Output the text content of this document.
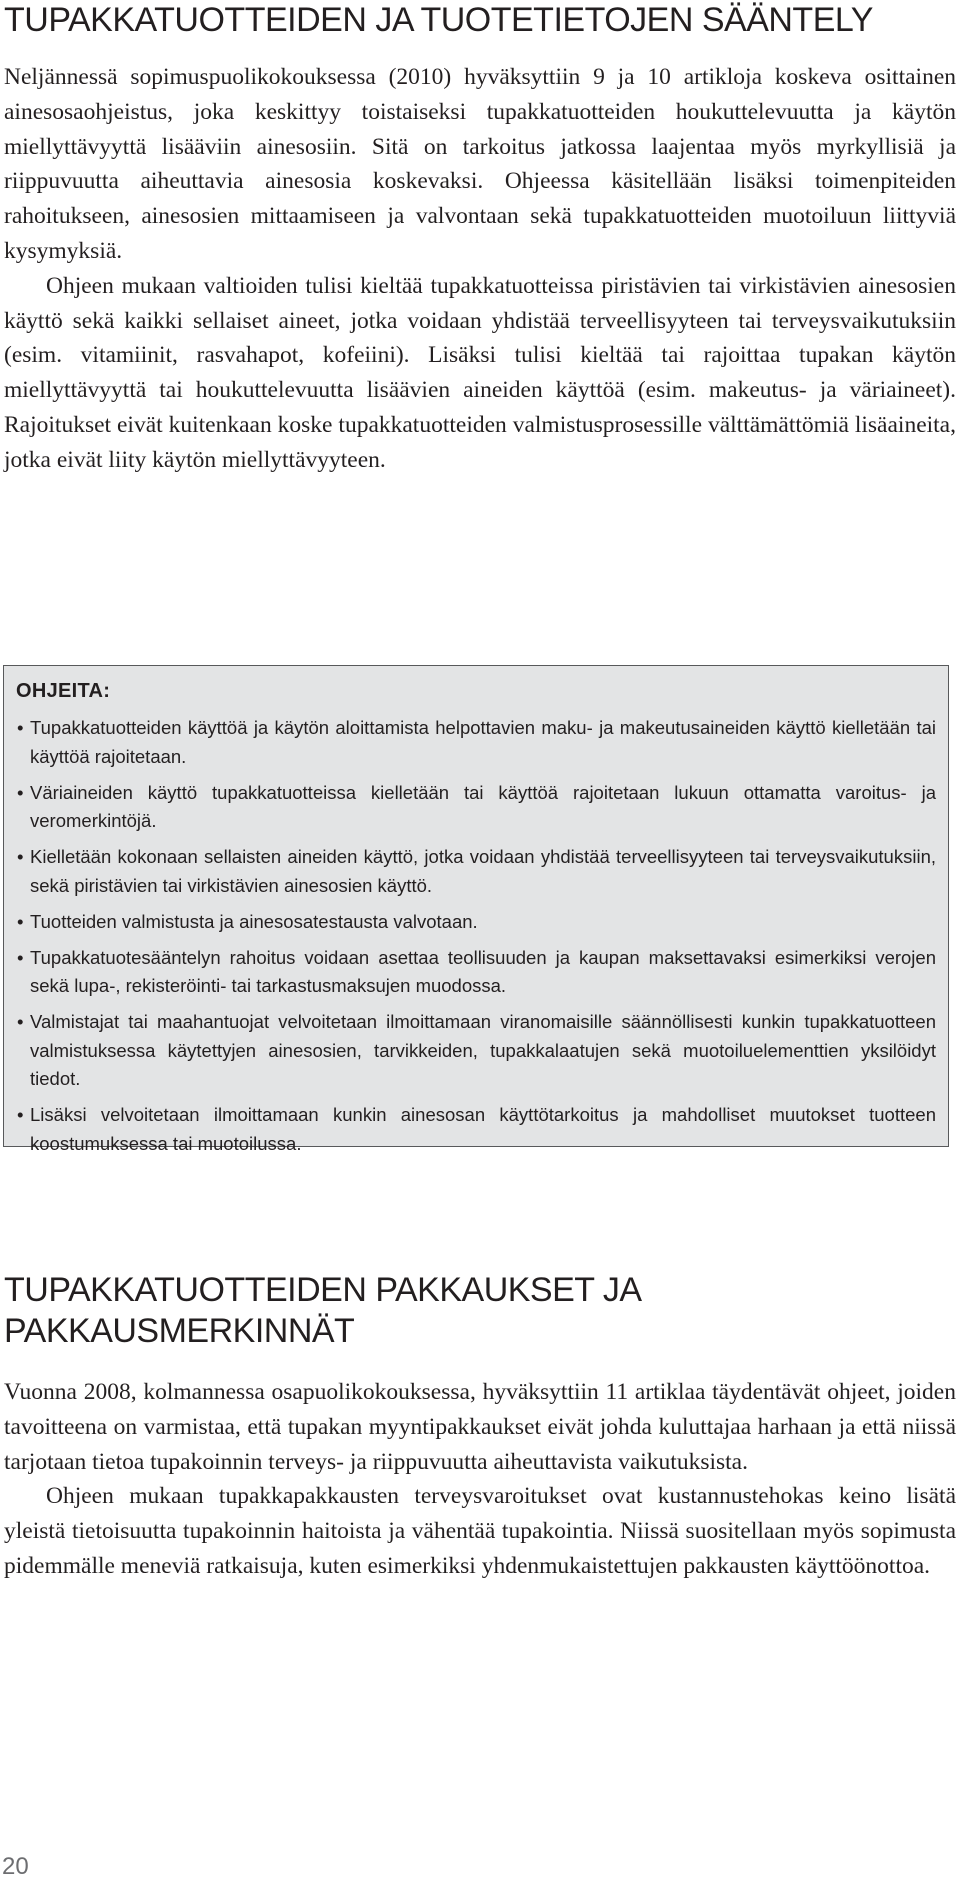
TUPAKKATUOTTEIDEN JA TUOTETIETOJEN SÄÄNTELY

Neljännessä sopimuspuolikokouksessa (2010) hyväksyttiin 9 ja 10 artikloja koskeva osittainen ainesosaohjeistus, joka keskittyy toistaiseksi tupakkatuotteiden houkuttelevuutta ja käytön miellyttävyyttä lisääviin ainesosiin. Sitä on tarkoitus jatkossa laajentaa myös myrkyllisiä ja riippuvuutta aiheuttavia ainesosia koskevaksi. Ohjeessa käsitellään lisäksi toimenpiteiden rahoitukseen, ainesosien mittaamiseen ja valvontaan sekä tupakkatuotteiden muotoiluun liittyviä kysymyksiä.

Ohjeen mukaan valtioiden tulisi kieltää tupakkatuotteissa piristävien tai virkistävien ainesosien käyttö sekä kaikki sellaiset aineet, jotka voidaan yhdistää terveellisyyteen tai terveysvaikutuksiin (esim. vitamiinit, rasvahapot, kofeiini). Lisäksi tulisi kieltää tai rajoittaa tupakan käytön miellyttävyyttä tai houkuttelevuutta lisäävien aineiden käyttöä (esim. makeutus- ja väriaineet). Rajoitukset eivät kuitenkaan koske tupakkatuotteiden valmistusprosessille välttämättömiä lisäaineita, jotka eivät liity käytön miellyttävyyteen.

OHJEITA:
• Tupakkatuotteiden käyttöä ja käytön aloittamista helpottavien maku- ja makeutusaineiden käyttö kielletään tai käyttöä rajoitetaan.
• Väriaineiden käyttö tupakkatuotteissa kielletään tai käyttöä rajoitetaan lukuun ottamatta varoitus- ja veromerkintöjä.
• Kielletään kokonaan sellaisten aineiden käyttö, jotka voidaan yhdistää terveellisyyteen tai terveysvaikutuksiin, sekä piristävien tai virkistävien ainesosien käyttö.
• Tuotteiden valmistusta ja ainesosatestausta valvotaan.
• Tupakkatuotesääntelyn rahoitus voidaan asettaa teollisuuden ja kaupan maksettavaksi esimerkiksi verojen sekä lupa-, rekisteröinti- tai tarkastusmaksujen muodossa.
• Valmistajat tai maahantuojat velvoitetaan ilmoittamaan viranomaisille säännöllisesti kunkin tupakkatuotteen valmistuksessa käytettyjen ainesosien, tarvikkeiden, tupakkalaatujen sekä muotoiluelementtien yksilöidyt tiedot.
• Lisäksi velvoitetaan ilmoittamaan kunkin ainesosan käyttötarkoitus ja mahdolliset muutokset tuotteen koostumuksessa tai muotoilussa.
TUPAKKATUOTTEIDEN PAKKAUKSET JA PAKKAUSMERKINNÄT

Vuonna 2008, kolmannessa osapuolikokouksessa, hyväksyttiin 11 artiklaa täydentävät ohjeet, joiden tavoitteena on varmistaa, että tupakan myyntipakkaukset eivät johda kuluttajaa harhaan ja että niissä tarjotaan tietoa tupakoinnin terveys- ja riippuvuutta aiheuttavista vaikutuksista.

Ohjeen mukaan tupakkapakkausten terveysvaroitukset ovat kustannustehokas keino lisätä yleistä tietoisuutta tupakoinnin haitoista ja vähentää tupakointia. Niissä suositellaan myös sopimusta pidemmälle meneviä ratkaisuja, kuten esimerkiksi yhdenmukaistettujen pakkausten käyttöönottoa.

20
